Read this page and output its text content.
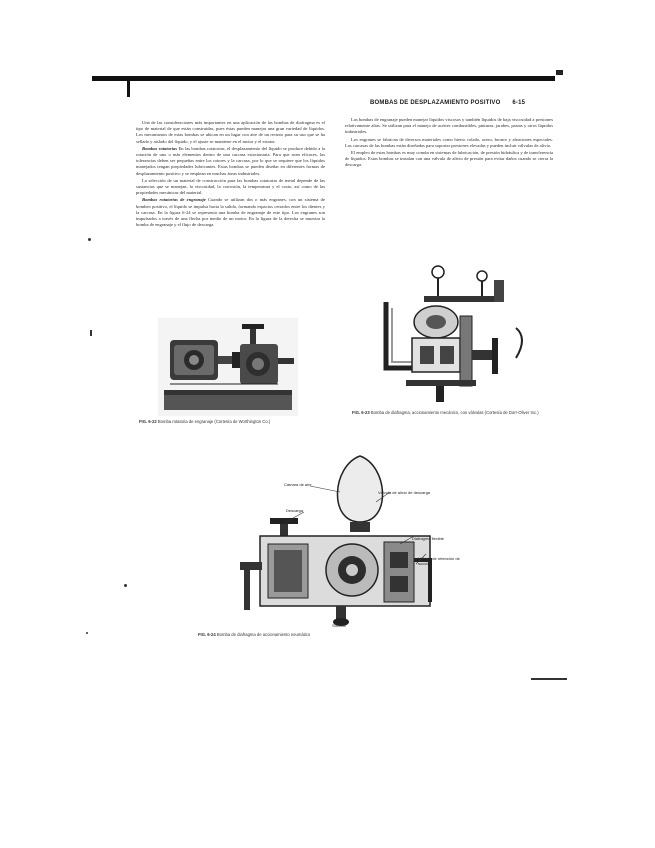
BOMBAS DE DESPLAZAMIENTO POSITIVO 6-15

Una de las consideraciones más importantes en una aplicación de las bombas de diafragma es el tipo de material de que están construidas, pues éstas pueden manejar una gran variedad de líquidos. Los mecanismos de estas bombas se ubican en un lugar con aire de un recinto para su uso que se ha sellado y aislado del líquido, y el ajuste se mantiene en el motor y el estator.

Bombas rotatorias En las bombas rotatorias, el desplazamiento del líquido se produce debido a la rotación de uno o más elementos dentro de una carcasa estacionaria. Para que sean eficaces, las tolerancias deben ser pequeñas entre los rotores y la carcasa, por lo que se requiere que los líquidos manejados tengan propiedades lubricantes. Estas bombas se pueden diseñar en diferentes formas de desplazamiento positivo y se emplean en muchas áreas industriales.

La selección de un material de construcción para las bombas rotatorias de metal depende de las sustancias que se manejan, la viscosidad, la corrosión, la temperatura y el costo, así como de las propiedades mecánicas del material.

Bombas rotatorias de engranaje Cuando se utilizan dos o más engranes, con un sistema de bombeo positivo, el líquido se impulsa hacia la salida, formando espacios cerrados entre los dientes y la carcasa. En la figura 6-24 se representa una bomba de engranaje de este tipo. Los engranes son impulsados a través de una flecha por medio de un motor. En la figura de la derecha se muestra la bomba de engranaje y el flujo de descarga.

Las bombas de engranaje pueden manejar líquidos viscosos y también líquidos de baja viscosidad a presiones relativamente altas. Se utilizan para el manejo de aceites combustibles, pinturas, jarabes, pastas y otros líquidos industriales.

Los engranes se fabrican de diversos materiales como hierro colado, acero, bronce y aleaciones especiales. Las carcasas de las bombas están diseñadas para soportar presiones elevadas y pueden incluir válvulas de alivio.

El empleo de estas bombas es muy común en sistemas de lubricación, de presión hidráulica y de transferencia de líquidos. Estas bombas se instalan con una válvula de alivio de presión para evitar daños cuando se cierra la descarga.

FIG. 6-22 Bomba rotatoria de engranaje (Cortesía de Worthington Co.)
FIG. 6-23 Bomba de diafragma, accionamiento mecánico, con válvulas (Cortesía de Dorr-Oliver Inc.)
Cámara de aire
Descarga
Válvula de alivio de descarga
Diafragma flexible
Válvula de retención de succión
Succión
FIG. 6-24 Bomba de diafragma de accionamiento neumático
